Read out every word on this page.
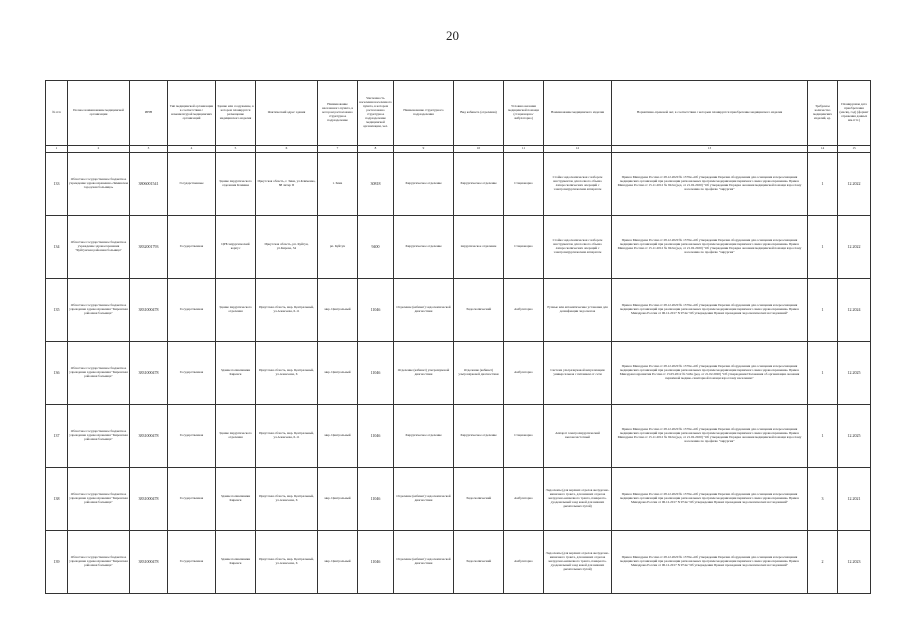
20
№ п/п	Полное наименование медицинской организации	ИНН	Тип медицинской организации в соответствии с номенклатурой медицинских организаций	Здание или сооружение, в котором планируется размещение медицинского изделия	Фактический адрес здания	Наименование населенного пункта, в котором расположено структурное подразделение	Численность населения населенного пункта, в котором расположено структурное подразделение медицинской организации, чел.	Наименование структурного подразделения	Вид кабинета (отделения)	Условия оказания медицинской помощи (стационарно/амбулаторно)	Наименование медицинского изделия	Нормативно-правовой акт, в соответствии с которым планируется приобретение медицинского изделия	Требуемое количество медицинских изделий, ед.	Планируемая дата приобретения (месяц, год) (формат отражения данных мм.гггг.)
1	2	3	4	5	6	7	8	9	10	11	12	13	14	15
133	Областное государственное бюджетное учреждение здравоохранения «Зиминская городская больница»	3806001541	Государственные	Здание хирургического отделения Клиника	Иркутская область, г. Зима, ул.Клименко, 88 литер П	г. Зима	30818	Хирургическое отделение	Хирургическое отделение	Стационарно	Стойка эндоскопическая с набором инструментов для полного объема лапароскопических операций с электрохирургическим аппаратом	Приказ Минздрава России от 28.12.2020 № 1379н «Об утверждении Перечня оборудования для оснащения и переоснащения медицинских организаций при реализации региональных программ модернизации первичного звена здравоохранения» Приказ Минздрава России от 15.11.2012 № 922н (ред. от 21.02.2020) "Об утверждении Порядка оказания медицинской помощи взрослому населению по профилю "хирургия"	1	12.2022
134	Областное государственное бюджетное учреждение здравоохранения "Куйтунская районная больница"	3832001793	Государственная	ЦРБ хирургический корпус	Иркутская область, рп. Куйтун, ул.Кирова, 34	рп. Куйтун	9400	Хирургическое отделение	хирургическое отделение	Стационарно	Стойка эндоскопическая с набором инструментов для полного объема лапароскопических операций с электрохирургическим аппаратом	Приказ Минздрава России от 28.12.2020 № 1379н «Об утверждении Перечня оборудования для оснащения и переоснащения медицинских организаций при реализации региональных программ модернизации первичного звена здравоохранения» Приказ Минздрава России от 15.11.2012 № 922н (ред. от 21.02.2020) "Об утверждении Порядка оказания медицинской помощи взрослому населению по профилю "хирургия"	1	12.2022
135	Областное государственное бюджетное учреждение здравоохранения "Киренская районная больница"	3831000478	Государственная	Здание хирургического отделения	Иркутская область, мкр. Центральный, ул.Алексеева, 6-11	мкр. Центральный	11046	Отделение (кабинет) эндоскопической диагностики	Эндоскопический	Амбулаторно	Ручные или автоматические установки для дезинфекции эндоскопов	Приказ Минздрава России от 28.12.2020 № 1379н «Об утверждении Перечня оборудования для оснащения и переоснащения медицинских организаций при реализации региональных программ модернизации первичного звена здравоохранения» Приказ Минздрава России от 06.12.2017 N 974н "Об утверждении Правил проведения эндоскопических исследований"	1	12.2024
136	Областное государственное бюджетное учреждение здравоохранения "Киренская районная больница"	3831000478	Государственная	Здание поликлиники Киренск	Иркутская область, мкр. Центральный, ул.Алексеева, 6	мкр. Центральный	11046	Отделение (кабинет) ультразвуковой диагностики	Отделение (кабинет) ультразвуковой диагностики	Амбулаторно	Система ультразвуковой визуализации универсальная с питанием от сети	Приказ Минздрава России от 28.12.2020 № 1379н «Об утверждении Перечня оборудования для оснащения и переоснащения медицинских организаций при реализации региональных программ модернизации первичного звена здравоохранения» Приказ Минздравсоцразвития России от 15.05.2012 № 543н (ред. от 21.02.2020) "Об утверждении Положения об организации оказания первичной медико-санитарной помощи взрослому населению"	1	12.2025
137	Областное государственное бюджетное учреждение здравоохранения "Киренская районная больница"	3831000478	Государственная	Здание хирургического отделения	Иркутская область, мкр. Центральный, ул.Алексеева, 6-11	мкр. Центральный	11046	Хирургическое отделение	Хирургическое отделение	Стационарно	Аппарат электрохирургический высокочастотный	Приказ Минздрава России от 28.12.2020 № 1379н «Об утверждении Перечня оборудования для оснащения и переоснащения медицинских организаций при реализации региональных программ модернизации первичного звена здравоохранения» Приказ Минздрава России от 15.11.2012 № 922н (ред. от 21.02.2020) "Об утверждении Порядка оказания медицинской помощи взрослому населению по профилю "хирургия"	1	12.2025
138	Областное государственное бюджетное учреждение здравоохранения "Киренская районная больница"	3831000478	Государственная	Здание поликлиники Киренск	Иркутская область, мкр. Центральный, ул.Алексеева, 6	мкр. Центральный	11046	Отделение (кабинет) эндоскопической диагностики	Эндоскопический	Амбулаторно	Эндоскопы (для верхних отделов желудочно-кишечного тракта, для нижних отделов желудочно-кишечного тракта, панкреато-дуоденальный зонд какой для нижних дыхательных путей)	Приказ Минздрава России от 28.12.2020 № 1379н «Об утверждении Перечня оборудования для оснащения и переоснащения медицинских организаций при реализации региональных программ модернизации первичного звена здравоохранения» Приказ Минздрава России от 06.12.2017 N 974н "Об утверждении Правил проведения эндоскопических исследований"	3	12.2021
139	Областное государственное бюджетное учреждение здравоохранения "Киренская районная больница"	3831000478	Государственная	Здание поликлиники Киренск	Иркутская область, мкр. Центральный, ул.Алексеева, 6	мкр. Центральный	11046	Отделение (кабинет) эндоскопической диагностики	Эндоскопический	Амбулаторно	Эндоскопы (для верхних отделов желудочно-кишечного тракта, для нижних отделов желудочно-кишечного тракта, панкреато-дуоденальный зонд какой для нижних дыхательных путей)	Приказ Минздрава России от 28.12.2020 № 1379н «Об утверждении Перечня оборудования для оснащения и переоснащения медицинских организаций при реализации региональных программ модернизации первичного звена здравоохранения» Приказ Минздрава России от 06.12.2017 N 974н "Об утверждении Правил проведения эндоскопических исследований"	2	12.2023
